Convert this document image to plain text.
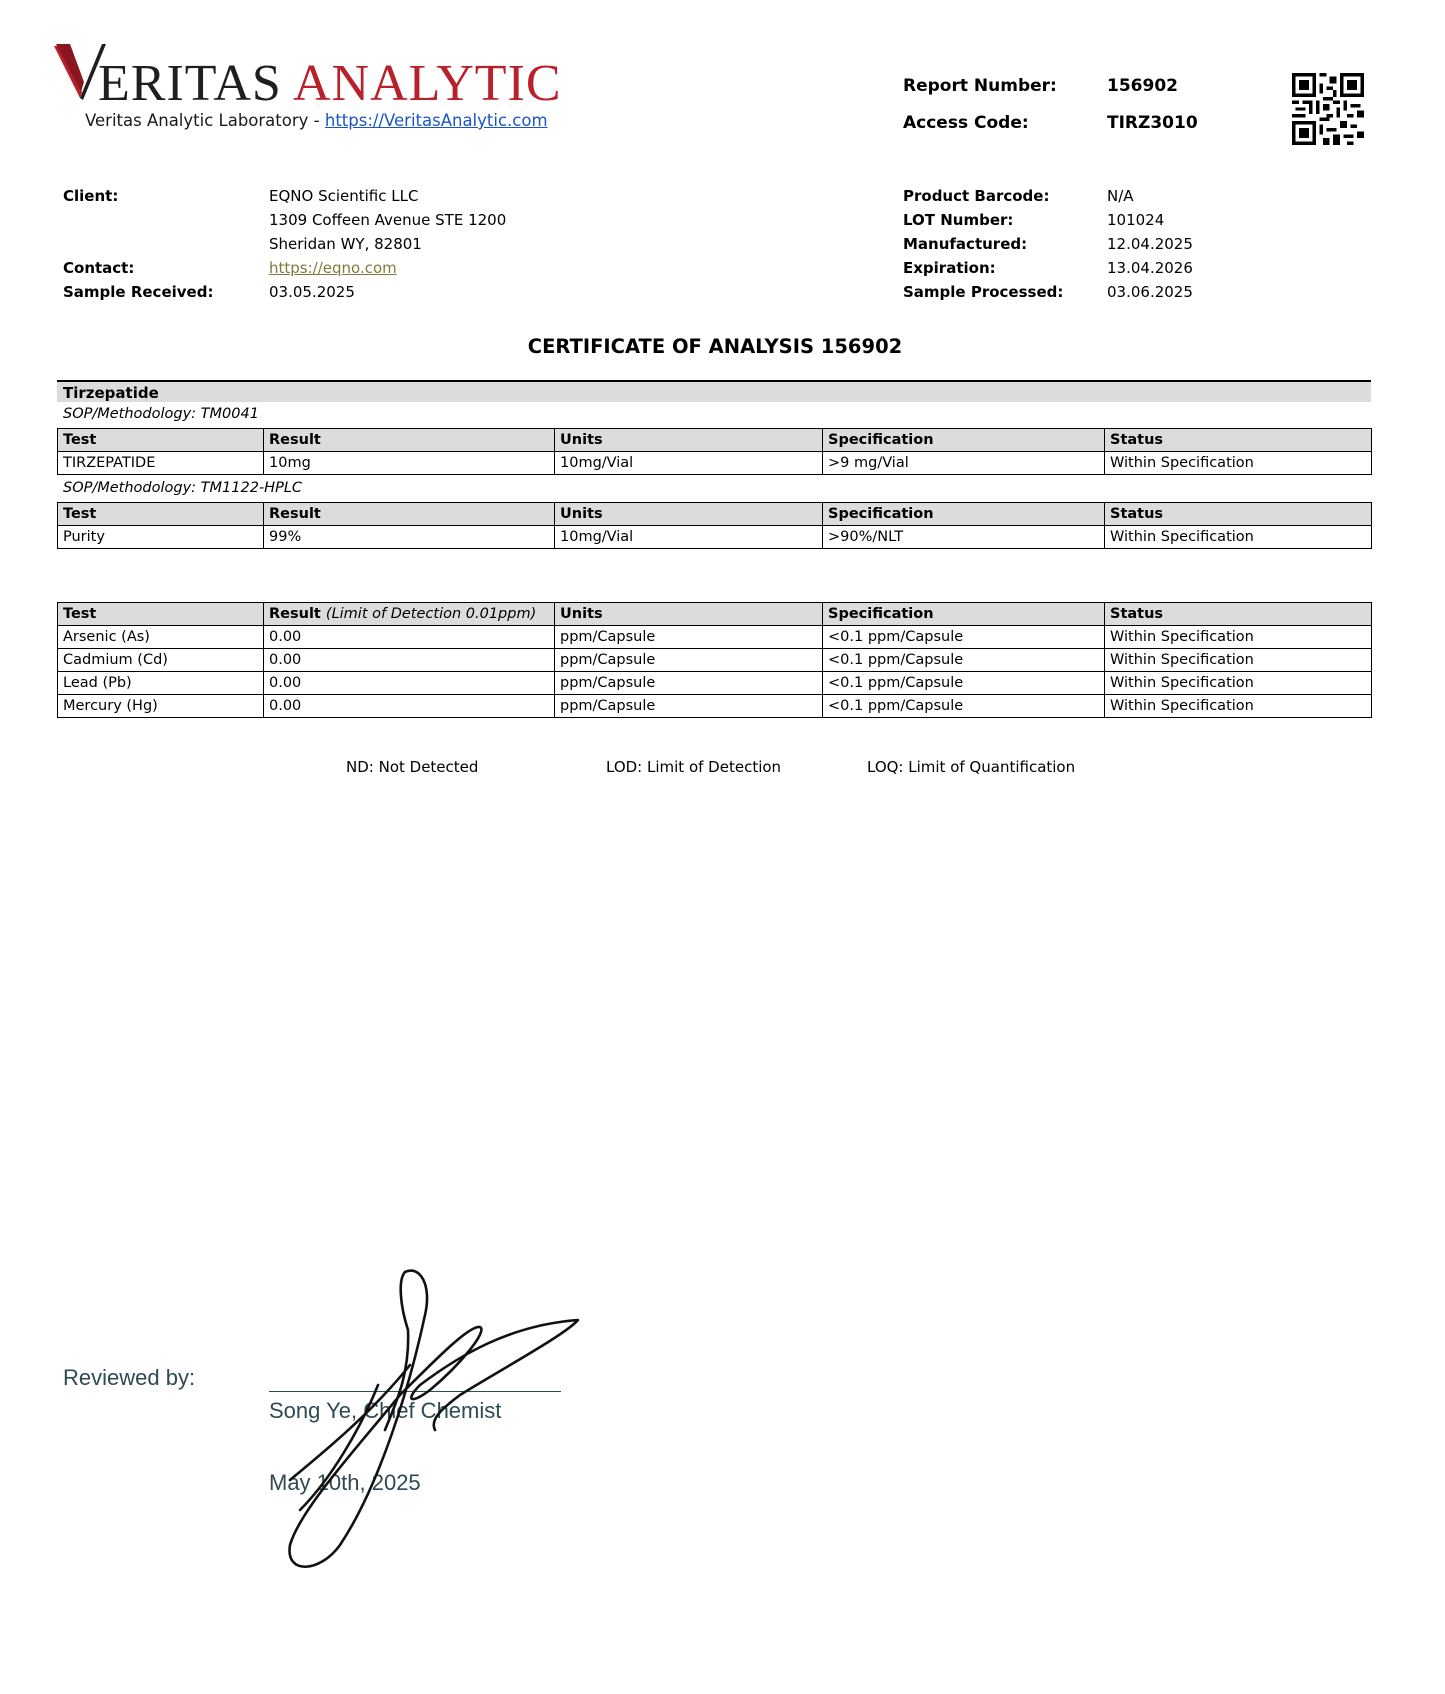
ERITAS ANALYTIC
Veritas Analytic Laboratory - https://VeritasAnalytic.com
Report Number:	156902
Access Code:	TIRZ3010
Client:	EQNO Scientific LLC
1309 Coffeen Avenue STE 1200
Sheridan WY, 82801
Contact:	https://eqno.com
Sample Received:	03.05.2025
Product Barcode:	N/A
LOT Number:	101024
Manufactured:	12.04.2025
Expiration:	13.04.2026
Sample Processed:	03.06.2025
CERTIFICATE OF ANALYSIS 156902
Tirzepatide
SOP/Methodology: TM0041
Test	Result	Units	Specification	Status
TIRZEPATIDE	10mg	10mg/Vial	>9 mg/Vial	Within Specification
SOP/Methodology: TM1122-HPLC
Test	Result	Units	Specification	Status
Purity	99%	10mg/Vial	>90%/NLT	Within Specification
Test	Result (Limit of Detection 0.01ppm)	Units	Specification	Status
Arsenic (As)	0.00	ppm/Capsule	<0.1 ppm/Capsule	Within Specification
Cadmium (Cd)	0.00	ppm/Capsule	<0.1 ppm/Capsule	Within Specification
Lead (Pb)	0.00	ppm/Capsule	<0.1 ppm/Capsule	Within Specification
Mercury (Hg)	0.00	ppm/Capsule	<0.1 ppm/Capsule	Within Specification
ND: Not Detected	LOD: Limit of Detection	LOQ: Limit of Quantification
Reviewed by:
Song Ye, Chief Chemist
May 10th, 2025
